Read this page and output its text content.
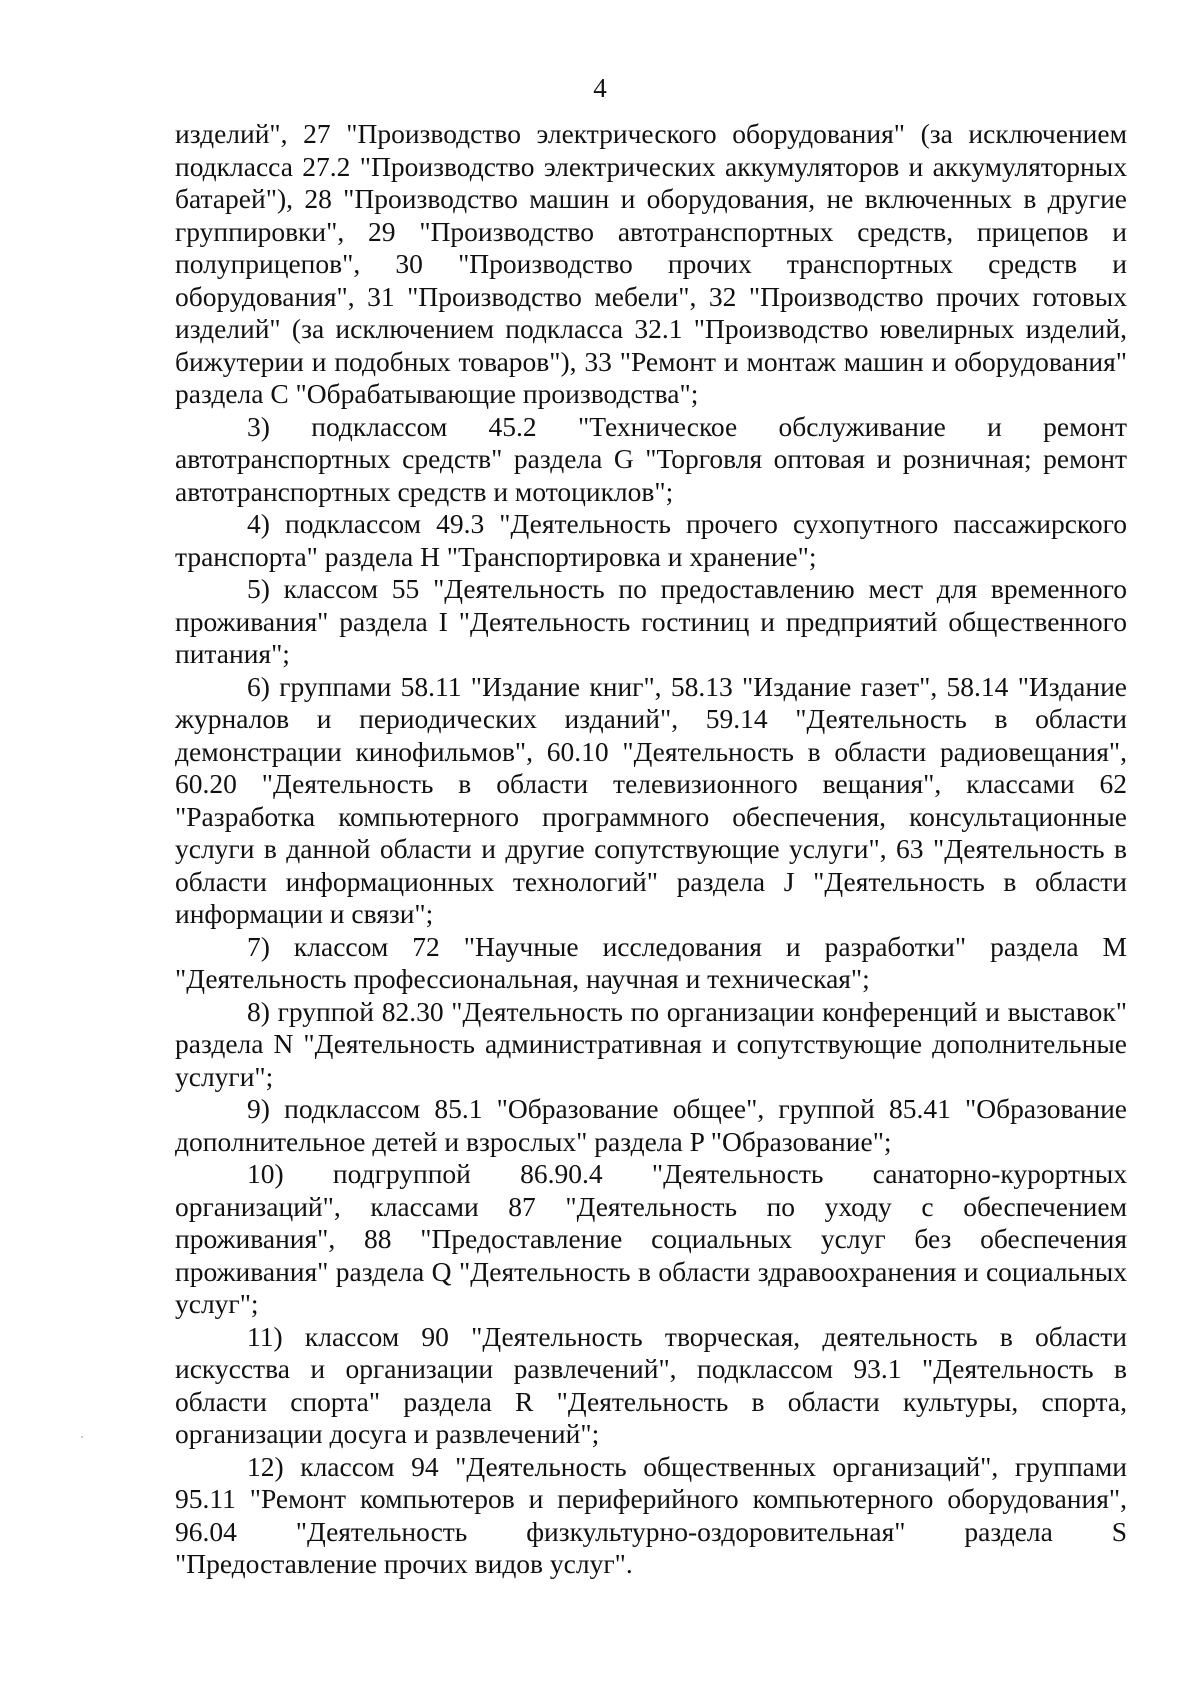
4

изделий", 27 "Производство электрического оборудования" (за исключением подкласса 27.2 "Производство электрических аккумуляторов и аккумуляторных батарей"), 28 "Производство машин и оборудования, не включенных в другие группировки", 29 "Производство автотранспортных средств, прицепов и полуприцепов", 30 "Производство прочих транспортных средств и оборудования", 31 "Производство мебели", 32 "Производство прочих готовых изделий" (за исключением подкласса 32.1 "Производство ювелирных изделий, бижутерии и подобных товаров"), 33 "Ремонт и монтаж машин и оборудования" раздела C "Обрабатывающие производства";

3) подклассом 45.2 "Техническое обслуживание и ремонт автотранспортных средств" раздела G "Торговля оптовая и розничная; ремонт автотранспортных средств и мотоциклов";

4) подклассом 49.3 "Деятельность прочего сухопутного пассажирского транспорта" раздела H "Транспортировка и хранение";

5) классом 55 "Деятельность по предоставлению мест для временного проживания" раздела I "Деятельность гостиниц и предприятий общественного питания";

6) группами 58.11 "Издание книг", 58.13 "Издание газет", 58.14 "Издание журналов и периодических изданий", 59.14 "Деятельность в области демонстрации кинофильмов", 60.10 "Деятельность в области радиовещания", 60.20 "Деятельность в области телевизионного вещания", классами 62 "Разработка компьютерного программного обеспечения, консультационные услуги в данной области и другие сопутствующие услуги", 63 "Деятельность в области информационных технологий" раздела J "Деятельность в области информации и связи";

7) классом 72 "Научные исследования и разработки" раздела M "Деятельность профессиональная, научная и техническая";

8) группой 82.30 "Деятельность по организации конференций и выставок" раздела N "Деятельность административная и сопутствующие дополнительные услуги";

9) подклассом 85.1 "Образование общее", группой 85.41 "Образование дополнительное детей и взрослых" раздела P "Образование";

10) подгруппой 86.90.4 "Деятельность санаторно-курортных организаций", классами 87 "Деятельность по уходу с обеспечением проживания", 88 "Предоставление социальных услуг без обеспечения проживания" раздела Q "Деятельность в области здравоохранения и социальных услуг";

11) классом 90 "Деятельность творческая, деятельность в области искусства и организации развлечений", подклассом 93.1 "Деятельность в области спорта" раздела R "Деятельность в области культуры, спорта, организации досуга и развлечений";

12) классом 94 "Деятельность общественных организаций", группами 95.11 "Ремонт компьютеров и периферийного компьютерного оборудования", 96.04 "Деятельность физкультурно-оздоровительная" раздела S "Предоставление прочих видов услуг".
